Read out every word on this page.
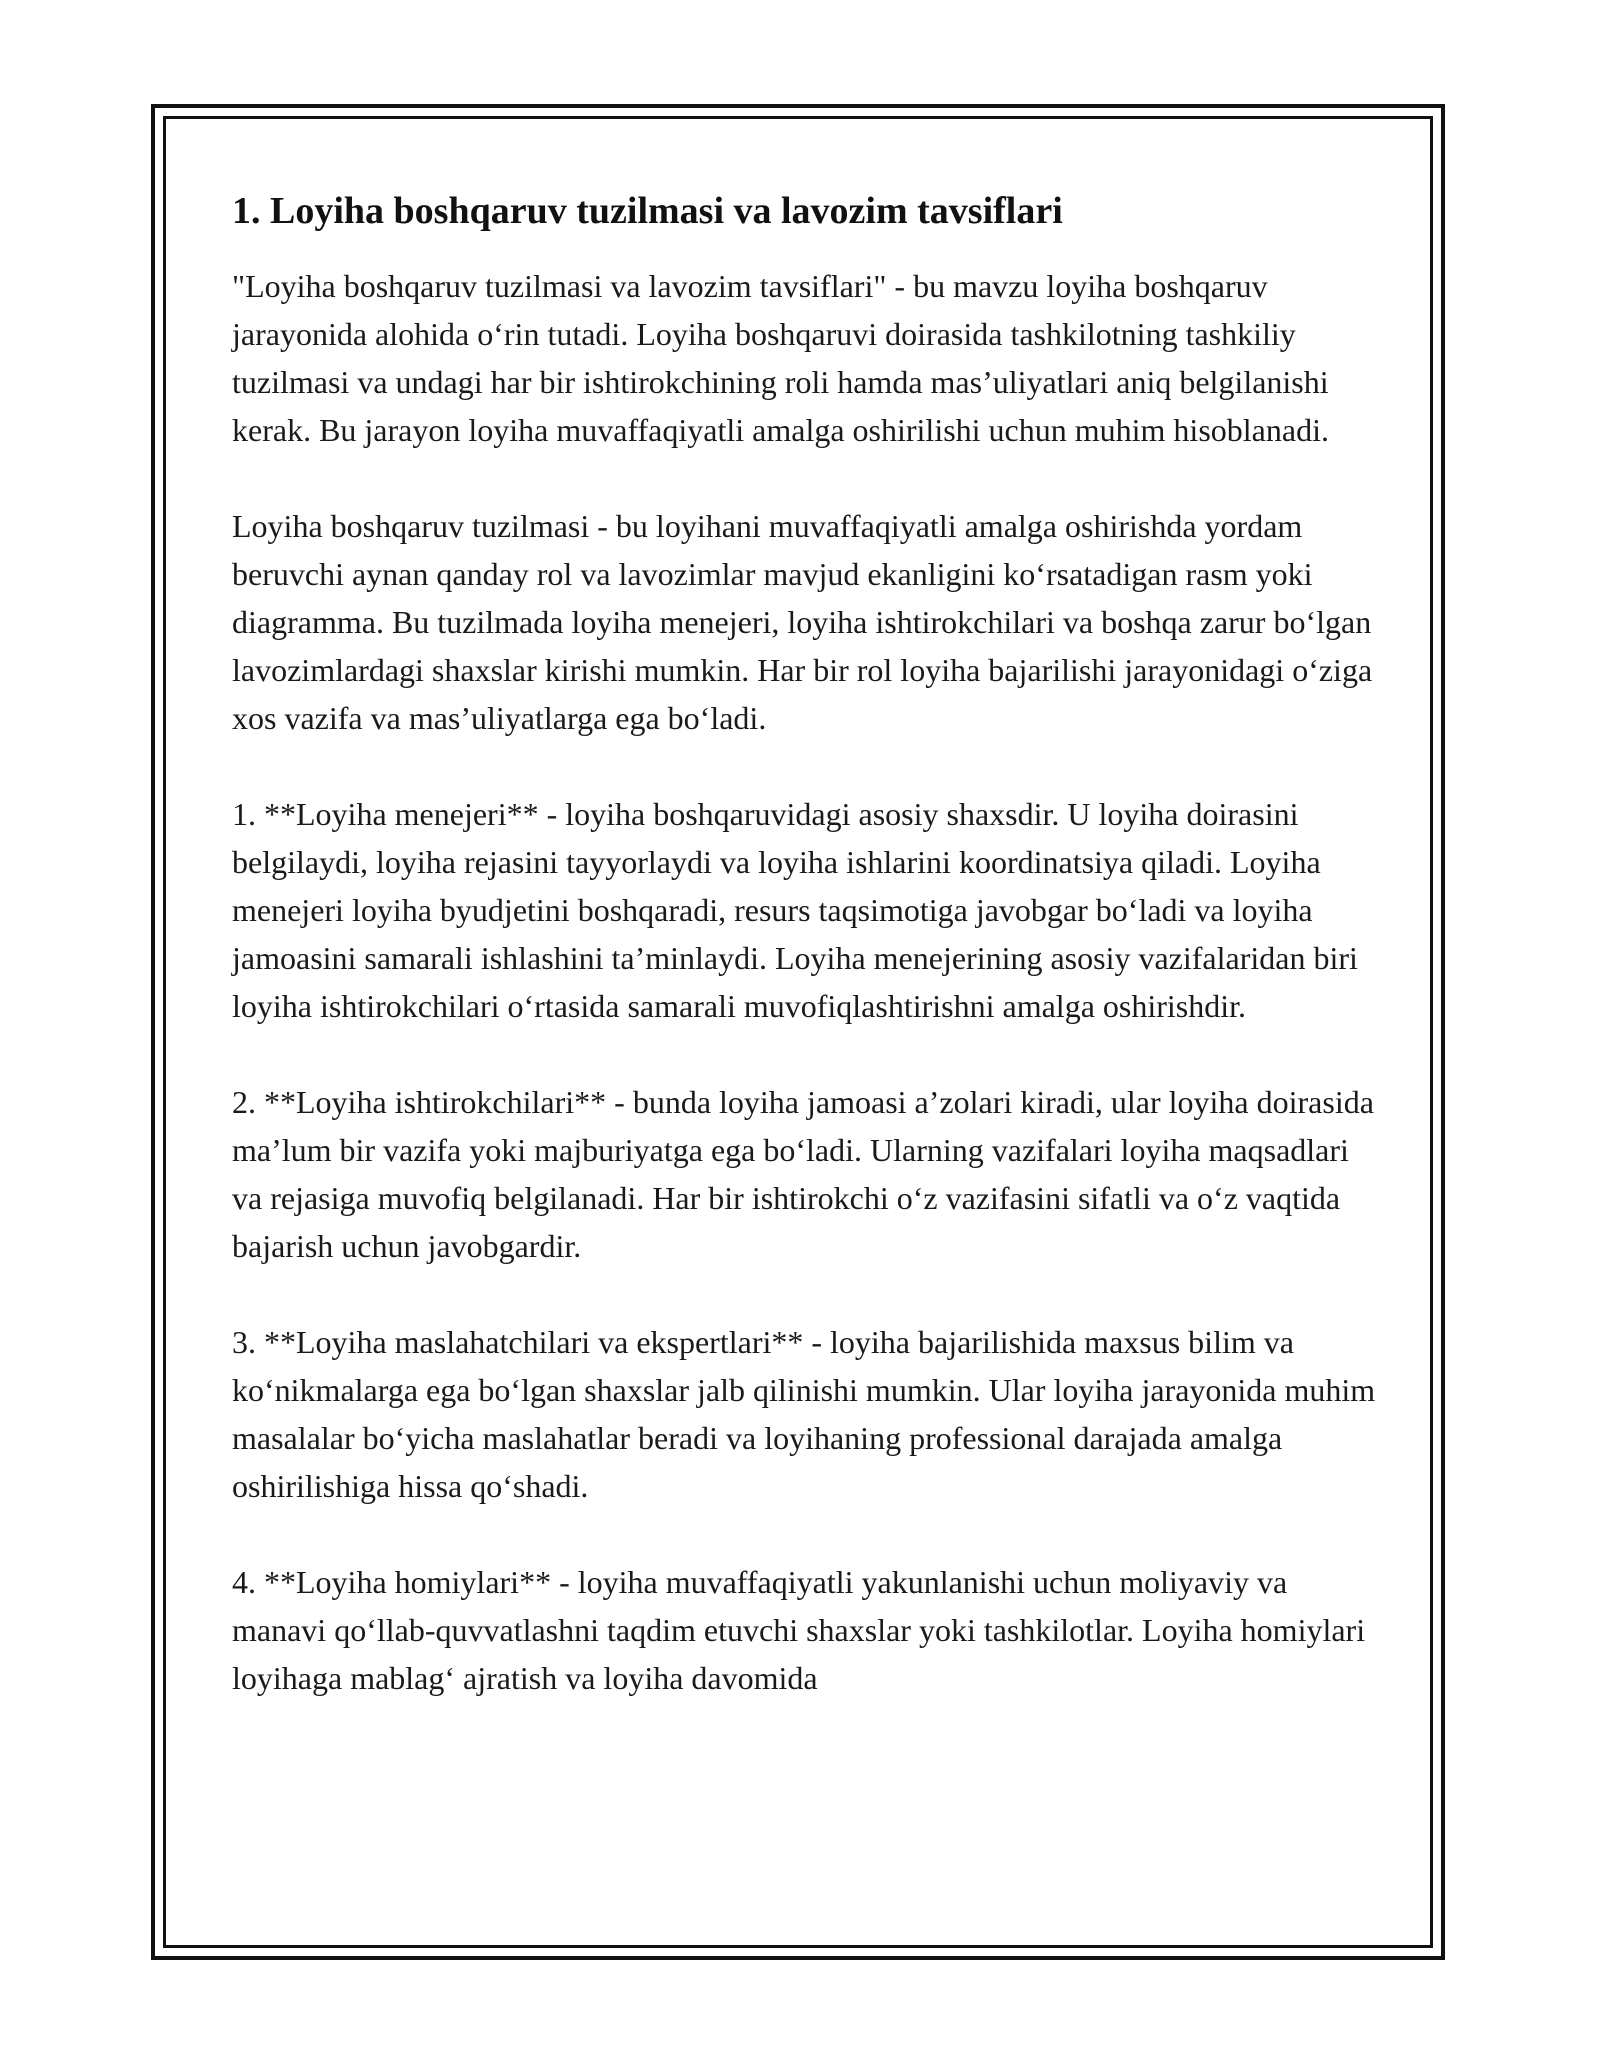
1. Loyiha boshqaruv tuzilmasi va lavozim tavsiflari

"Loyiha boshqaruv tuzilmasi va lavozim tavsiflari" - bu mavzu loyiha boshqaruv jarayonida alohida o‘rin tutadi. Loyiha boshqaruvi doirasida tashkilotning tashkiliy tuzilmasi va undagi har bir ishtirokchining roli hamda mas’uliyatlari aniq belgilanishi kerak. Bu jarayon loyiha muvaffaqiyatli amalga oshirilishi uchun muhim hisoblanadi.

Loyiha boshqaruv tuzilmasi - bu loyihani muvaffaqiyatli amalga oshirishda yordam beruvchi aynan qanday rol va lavozimlar mavjud ekanligini ko‘rsatadigan rasm yoki diagramma. Bu tuzilmada loyiha menejeri, loyiha ishtirokchilari va boshqa zarur bo‘lgan lavozimlardagi shaxslar kirishi mumkin. Har bir rol loyiha bajarilishi jarayonidagi o‘ziga xos vazifa va mas’uliyatlarga ega bo‘ladi.

1. **Loyiha menejeri** - loyiha boshqaruvidagi asosiy shaxsdir. U loyiha doirasini belgilaydi, loyiha rejasini tayyorlaydi va loyiha ishlarini koordinatsiya qiladi. Loyiha menejeri loyiha byudjetini boshqaradi, resurs taqsimotiga javobgar bo‘ladi va loyiha jamoasini samarali ishlashini ta’minlaydi. Loyiha menejerining asosiy vazifalaridan biri loyiha ishtirokchilari o‘rtasida samarali muvofiqlashtirishni amalga oshirishdir.

2. **Loyiha ishtirokchilari** - bunda loyiha jamoasi a’zolari kiradi, ular loyiha doirasida ma’lum bir vazifa yoki majburiyatga ega bo‘ladi. Ularning vazifalari loyiha maqsadlari va rejasiga muvofiq belgilanadi. Har bir ishtirokchi o‘z vazifasini sifatli va o‘z vaqtida bajarish uchun javobgardir.

3. **Loyiha maslahatchilari va ekspertlari** - loyiha bajarilishida maxsus bilim va ko‘nikmalarga ega bo‘lgan shaxslar jalb qilinishi mumkin. Ular loyiha jarayonida muhim masalalar bo‘yicha maslahatlar beradi va loyihaning professional darajada amalga oshirilishiga hissa qo‘shadi.

4. **Loyiha homiylari** - loyiha muvaffaqiyatli yakunlanishi uchun moliyaviy va manavi qo‘llab-quvvatlashni taqdim etuvchi shaxslar yoki tashkilotlar. Loyiha homiylari loyihaga mablag‘ ajratish va loyiha davomida
